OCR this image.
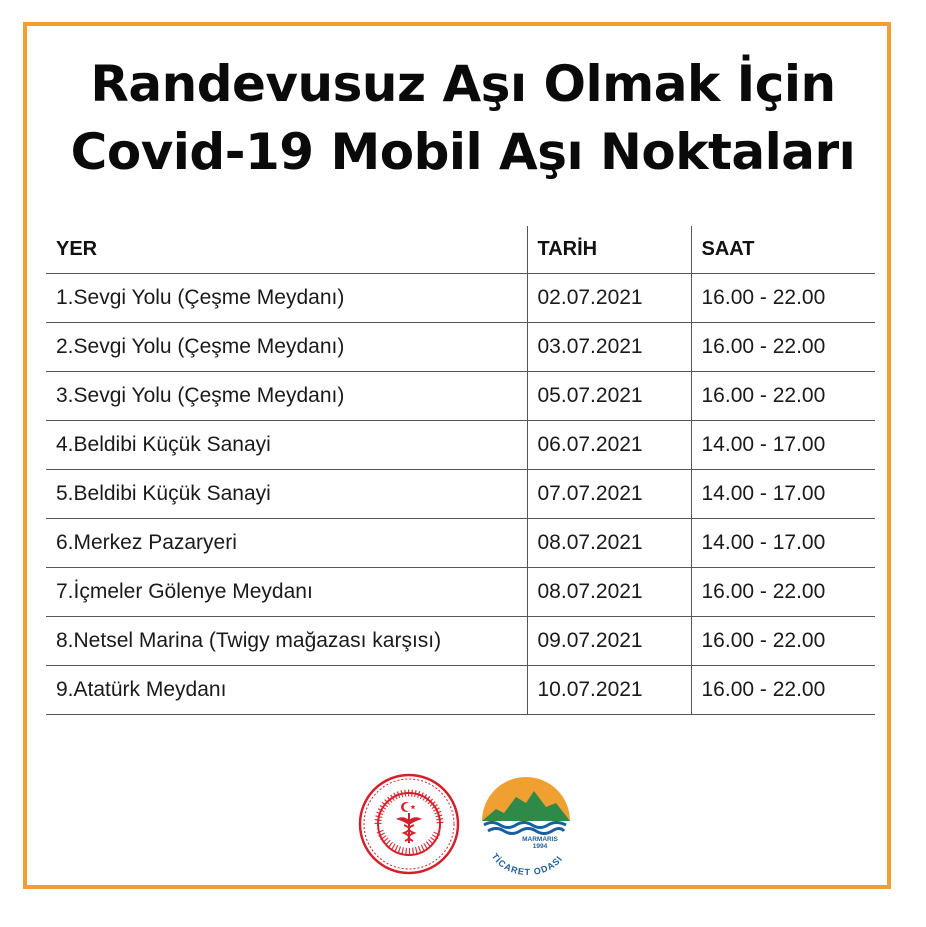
Randevusuz Aşı Olmak İçin
Covid-19 Mobil Aşı Noktaları
YER	TARİH	SAAT
1.Sevgi Yolu (Çeşme Meydanı)	02.07.2021	16.00 - 22.00
2.Sevgi Yolu (Çeşme Meydanı)	03.07.2021	16.00 - 22.00
3.Sevgi Yolu (Çeşme Meydanı)	05.07.2021	16.00 - 22.00
4.Beldibi Küçük Sanayi	06.07.2021	14.00 - 17.00
5.Beldibi Küçük Sanayi	07.07.2021	14.00 - 17.00
6.Merkez Pazaryeri	08.07.2021	14.00 - 17.00
7.İçmeler Gölenye Meydanı	08.07.2021	16.00 - 22.00
8.Netsel Marina (Twigy mağazası karşısı)	09.07.2021	16.00 - 22.00
9.Atatürk Meydanı	10.07.2021	16.00 - 22.00
MARMARIS
1994
TİCARET ODASI
